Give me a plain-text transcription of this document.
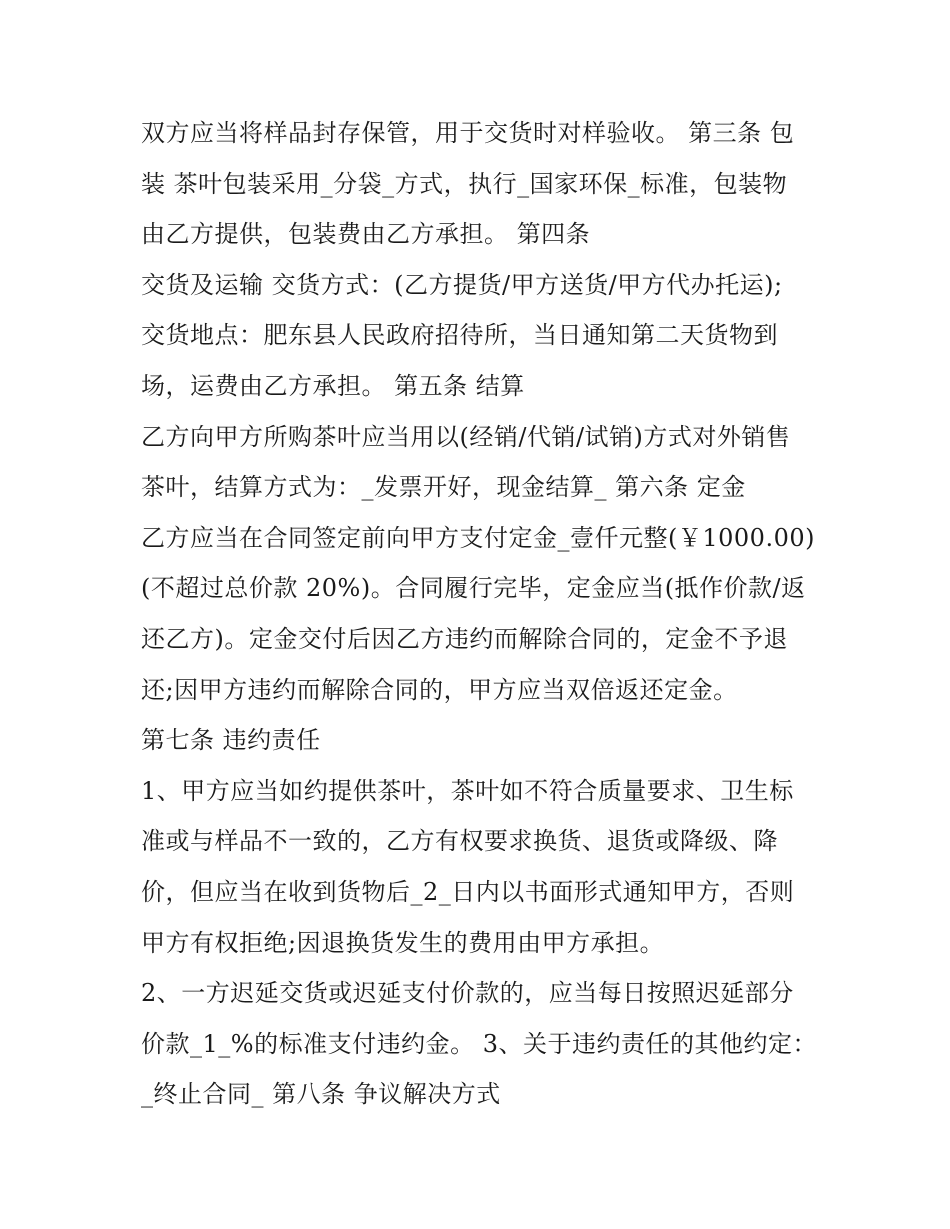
双方应当将样品封存保管，用于交货时对样验收。 第三条 包
装 茶叶包装采用_分袋_方式，执行_国家环保_标准，包装物
由乙方提供，包装费由乙方承担。 第四条
交货及运输 交货方式：(乙方提货/甲方送货/甲方代办托运);
交货地点：肥东县人民政府招待所，当日通知第二天货物到
场，运费由乙方承担。 第五条 结算
乙方向甲方所购茶叶应当用以(经销/代销/试销)方式对外销售
茶叶，结算方式为：_发票开好，现金结算_ 第六条 定金
乙方应当在合同签定前向甲方支付定金_壹仟元整(￥1000.00)
(不超过总价款 20%)。合同履行完毕，定金应当(抵作价款/返
还乙方)。定金交付后因乙方违约而解除合同的，定金不予退
还;因甲方违约而解除合同的，甲方应当双倍返还定金。
第七条 违约责任
1、甲方应当如约提供茶叶，茶叶如不符合质量要求、卫生标
准或与样品不一致的，乙方有权要求换货、退货或降级、降
价，但应当在收到货物后_2_日内以书面形式通知甲方，否则
甲方有权拒绝;因退换货发生的费用由甲方承担。
2、一方迟延交货或迟延支付价款的，应当每日按照迟延部分
价款_1_%的标准支付违约金。 3、关于违约责任的其他约定：
_终止合同_ 第八条 争议解决方式
